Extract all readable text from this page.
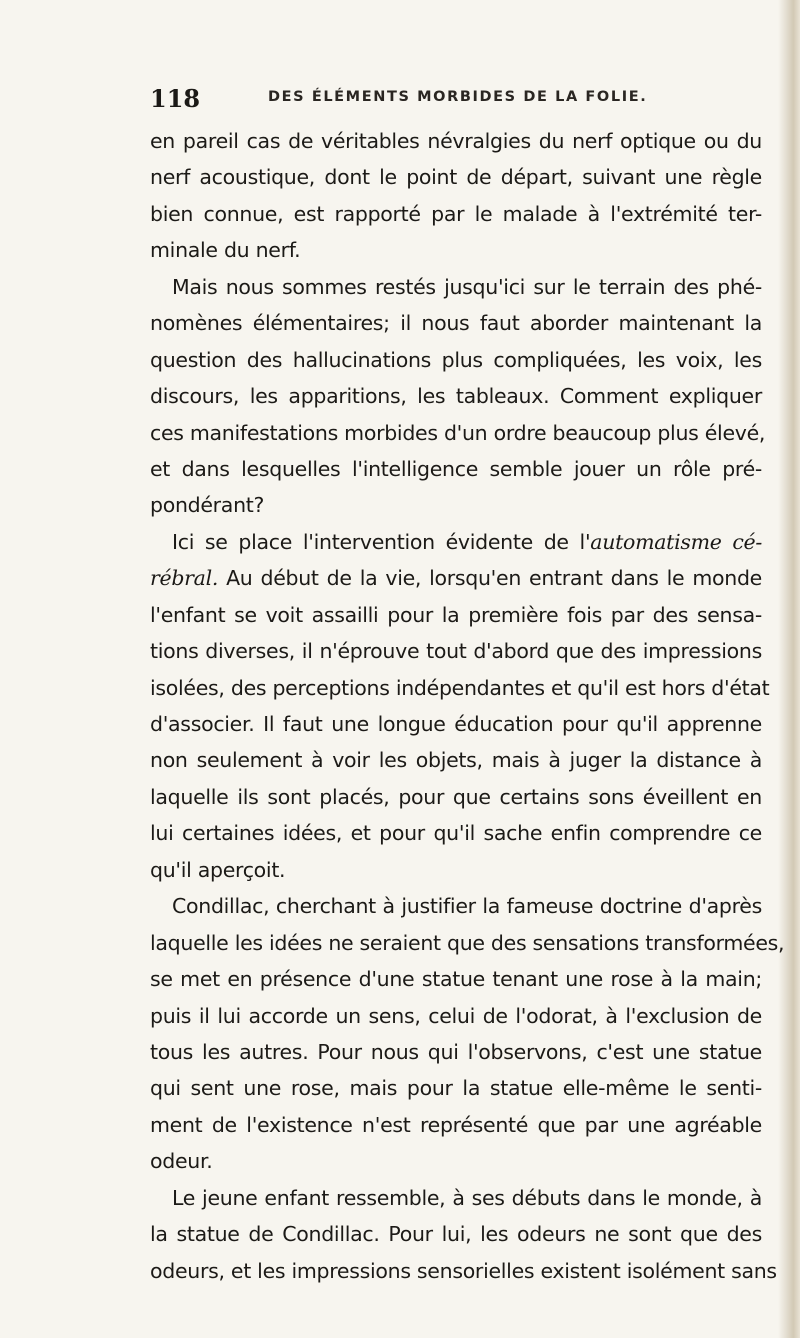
118	DES ÉLÉMENTS MORBIDES DE LA FOLIE.
en pareil cas de véritables névralgies du nerf optique ou du
nerf acoustique, dont le point de départ, suivant une règle
bien connue, est rapporté par le malade à l'extrémité ter-
minale du nerf.
Mais nous sommes restés jusqu'ici sur le terrain des phé-
nomènes élémentaires; il nous faut aborder maintenant la
question des hallucinations plus compliquées, les voix, les
discours, les apparitions, les tableaux. Comment expliquer
ces manifestations morbides d'un ordre beaucoup plus élevé,
et dans lesquelles l'intelligence semble jouer un rôle pré-
pondérant?
Ici se place l'intervention évidente de l'automatisme cé-
rébral. Au début de la vie, lorsqu'en entrant dans le monde
l'enfant se voit assailli pour la première fois par des sensa-
tions diverses, il n'éprouve tout d'abord que des impressions
isolées, des perceptions indépendantes et qu'il est hors d'état
d'associer. Il faut une longue éducation pour qu'il apprenne
non seulement à voir les objets, mais à juger la distance à
laquelle ils sont placés, pour que certains sons éveillent en
lui certaines idées, et pour qu'il sache enfin comprendre ce
qu'il aperçoit.
Condillac, cherchant à justifier la fameuse doctrine d'après
laquelle les idées ne seraient que des sensations transformées,
se met en présence d'une statue tenant une rose à la main;
puis il lui accorde un sens, celui de l'odorat, à l'exclusion de
tous les autres. Pour nous qui l'observons, c'est une statue
qui sent une rose, mais pour la statue elle-même le senti-
ment de l'existence n'est représenté que par une agréable
odeur.
Le jeune enfant ressemble, à ses débuts dans le monde, à
la statue de Condillac. Pour lui, les odeurs ne sont que des
odeurs, et les impressions sensorielles existent isolément sans
